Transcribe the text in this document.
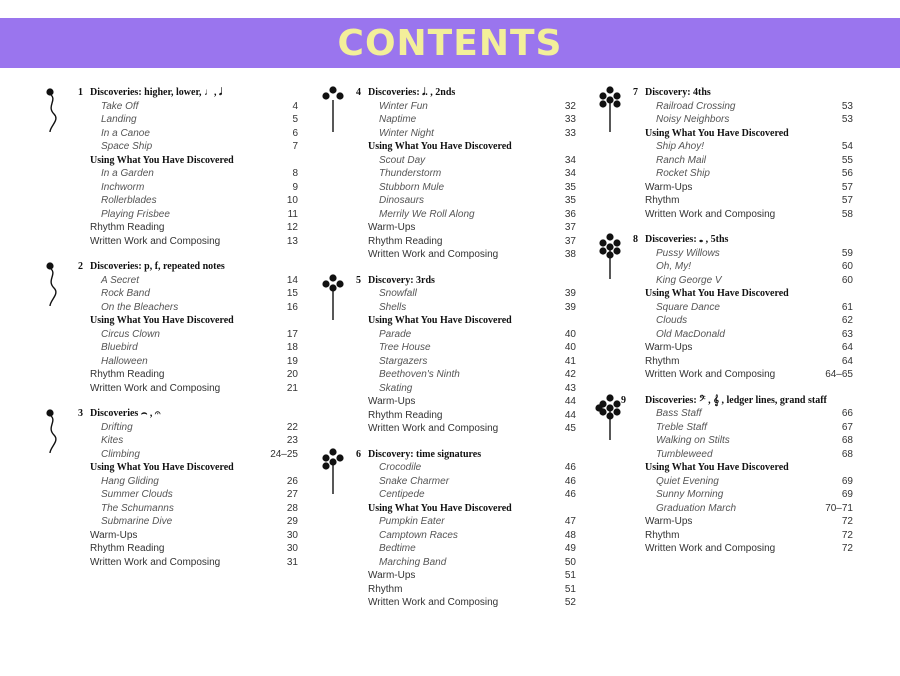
CONTENTS
1 Discoveries: higher, lower, ♩, 𝅗𝅥
Take Off	4
Landing	5
In a Canoe	6
Space Ship	7
Using What You Have Discovered
In a Garden	8
Inchworm	9
Rollerblades	10
Playing Frisbee	11
Rhythm Reading	12
Written Work and Composing	13
2 Discoveries: p, f, repeated notes
A Secret	14
Rock Band	15
On the Bleachers	16
Using What You Have Discovered
Circus Clown	17
Bluebird	18
Halloween	19
Rhythm Reading	20
Written Work and Composing	21
3 Discoveries ⌢ , 𝄐
Drifting	22
Kites	23
Climbing	24–25
Using What You Have Discovered
Hang Gliding	26
Summer Clouds	27
The Schumanns	28
Submarine Dive	29
Warm-Ups	30
Rhythm Reading	30
Written Work and Composing	31
4 Discoveries: 𝅗𝅥. , 2nds
Winter Fun	32
Naptime	33
Winter Night	33
Using What You Have Discovered
Scout Day	34
Thunderstorm	34
Stubborn Mule	35
Dinosaurs	35
Merrily We Roll Along	36
Warm-Ups	37
Rhythm Reading	37
Written Work and Composing	38
5 Discovery: 3rds
Snowfall	39
Shells	39
Using What You Have Discovered
Parade	40
Tree House	40
Stargazers	41
Beethoven's Ninth	42
Skating	43
Warm-Ups	44
Rhythm Reading	44
Written Work and Composing	45
6 Discovery: time signatures
Crocodile	46
Snake Charmer	46
Centipede	46
Using What You Have Discovered
Pumpkin Eater	47
Camptown Races	48
Bedtime	49
Marching Band	50
Warm-Ups	51
Rhythm	51
Written Work and Composing	52
7 Discovery: 4ths
Railroad Crossing	53
Noisy Neighbors	53
Using What You Have Discovered
Ship Ahoy!	54
Ranch Mail	55
Rocket Ship	56
Warm-Ups	57
Rhythm	57
Written Work and Composing	58
8 Discoveries: 𝅝 , 5ths
Pussy Willows	59
Oh, My!	60
King George V	60
Using What You Have Discovered
Square Dance	61
Clouds	62
Old MacDonald	63
Warm-Ups	64
Rhythm	64
Written Work and Composing	64–65
9 Discoveries: 𝄢 , 𝄞 , ledger lines, grand staff
Bass Staff	66
Treble Staff	67
Walking on Stilts	68
Tumbleweed	68
Using What You Have Discovered
Quiet Evening	69
Sunny Morning	69
Graduation March	70–71
Warm-Ups	72
Rhythm	72
Written Work and Composing	72
